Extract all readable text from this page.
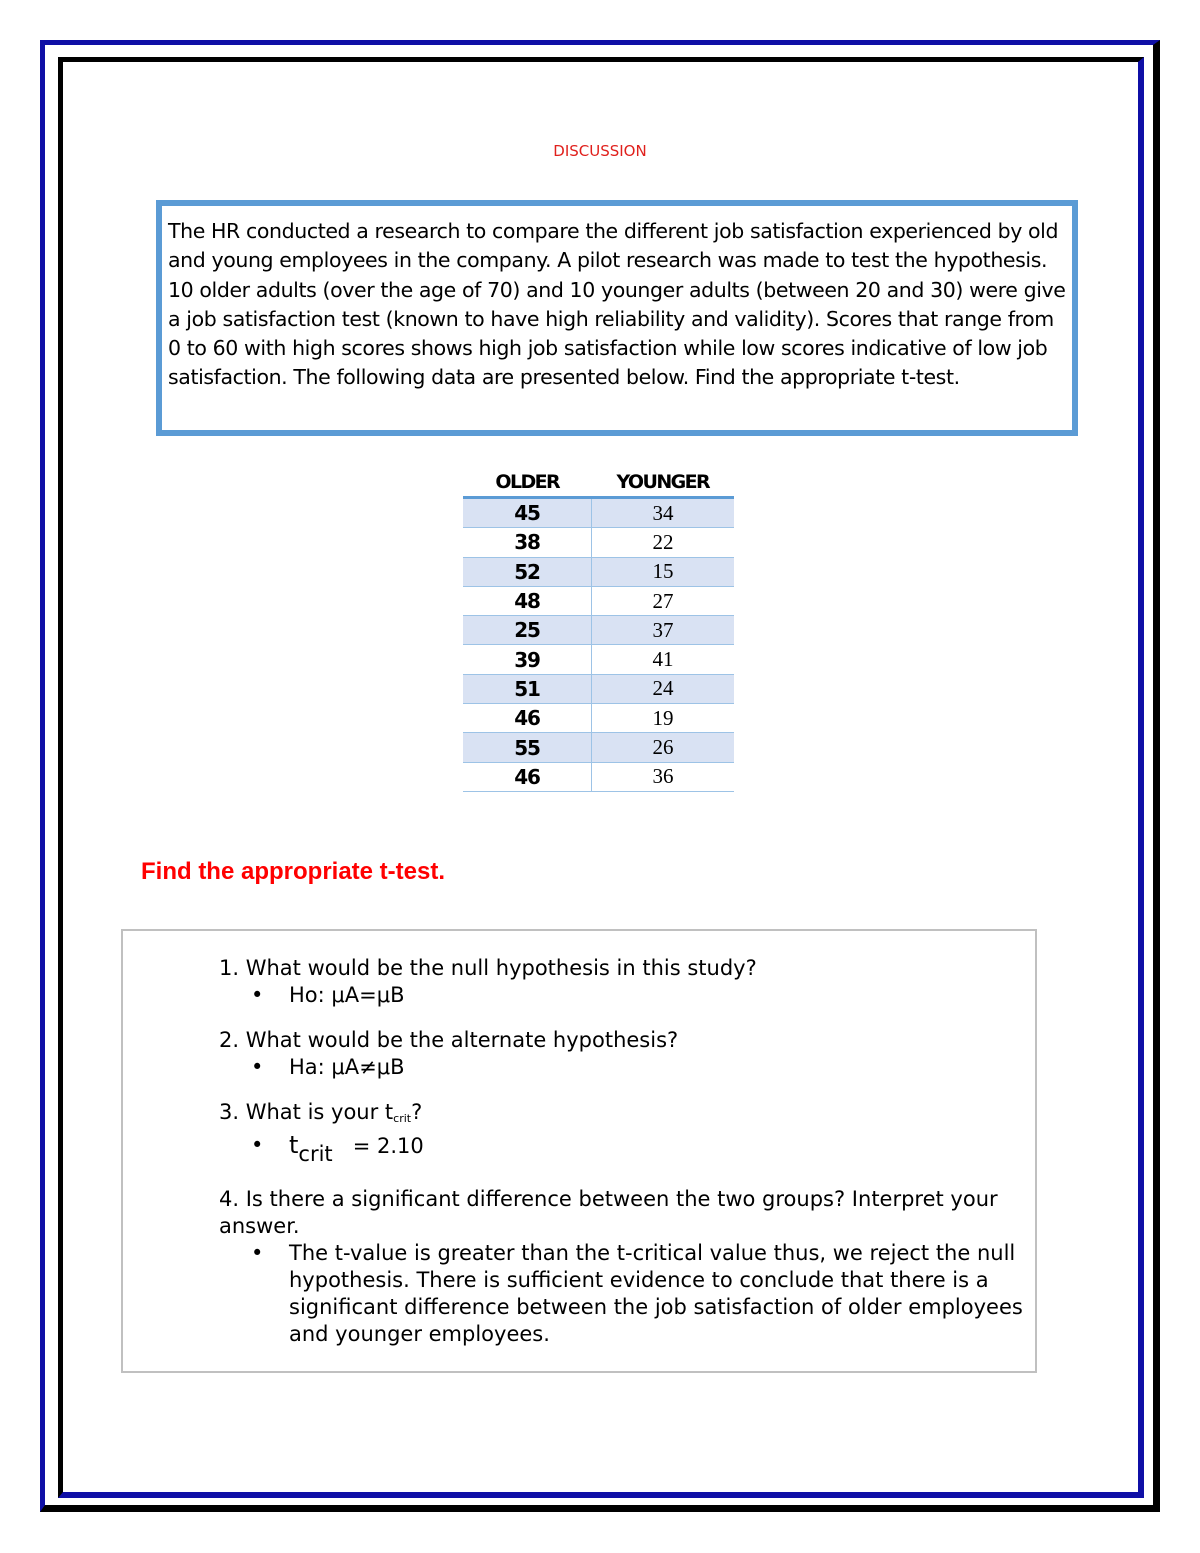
DISCUSSION

The HR conducted a research to compare the different job satisfaction experienced by old and young employees in the company. A pilot research was made to test the hypothesis. 10 older adults (over the age of 70) and 10 younger adults (between 20 and 30) were give a job satisfaction test (known to have high reliability and validity). Scores that range from 0 to 60 with high scores shows high job satisfaction while low scores indicative of low job satisfaction. The following data are presented below. Find the appropriate t-test.

OLDER	YOUNGER
45	34
38	22
52	15
48	27
25	37
39	41
51	24
46	19
55	26
46	36
Find the appropriate t-test.

1. What would be the null hypothesis in this study?

• Ho: μA=μB

2. What would be the alternate hypothesis?

• Ha: μA≠μB

3. What is your tcrit?

• tcrit   = 2.10

4. Is there a significant difference between the two groups? Interpret your answer.

• The t-value is greater than the t-critical value thus, we reject the null hypothesis. There is sufficient evidence to conclude that there is a significant difference between the job satisfaction of older employees and younger employees.
